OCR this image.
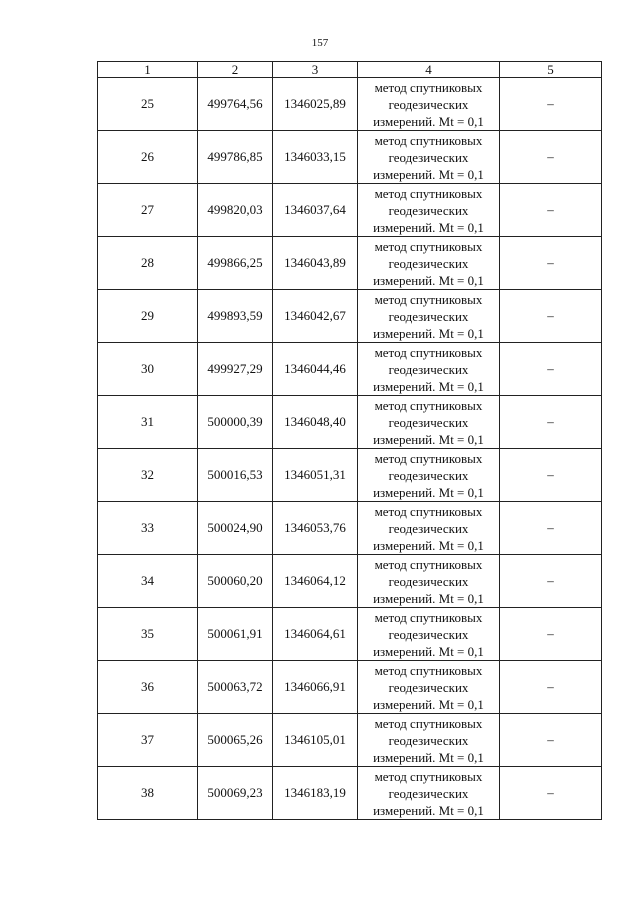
157
1	2	3	4	5
25	499764,56	1346025,89	метод спутниковых
геодезических
измерений. Mt = 0,1	–
26	499786,85	1346033,15	метод спутниковых
геодезических
измерений. Mt = 0,1	–
27	499820,03	1346037,64	метод спутниковых
геодезических
измерений. Mt = 0,1	–
28	499866,25	1346043,89	метод спутниковых
геодезических
измерений. Mt = 0,1	–
29	499893,59	1346042,67	метод спутниковых
геодезических
измерений. Mt = 0,1	–
30	499927,29	1346044,46	метод спутниковых
геодезических
измерений. Mt = 0,1	–
31	500000,39	1346048,40	метод спутниковых
геодезических
измерений. Mt = 0,1	–
32	500016,53	1346051,31	метод спутниковых
геодезических
измерений. Mt = 0,1	–
33	500024,90	1346053,76	метод спутниковых
геодезических
измерений. Mt = 0,1	–
34	500060,20	1346064,12	метод спутниковых
геодезических
измерений. Mt = 0,1	–
35	500061,91	1346064,61	метод спутниковых
геодезических
измерений. Mt = 0,1	–
36	500063,72	1346066,91	метод спутниковых
геодезических
измерений. Mt = 0,1	–
37	500065,26	1346105,01	метод спутниковых
геодезических
измерений. Mt = 0,1	–
38	500069,23	1346183,19	метод спутниковых
геодезических
измерений. Mt = 0,1	–
